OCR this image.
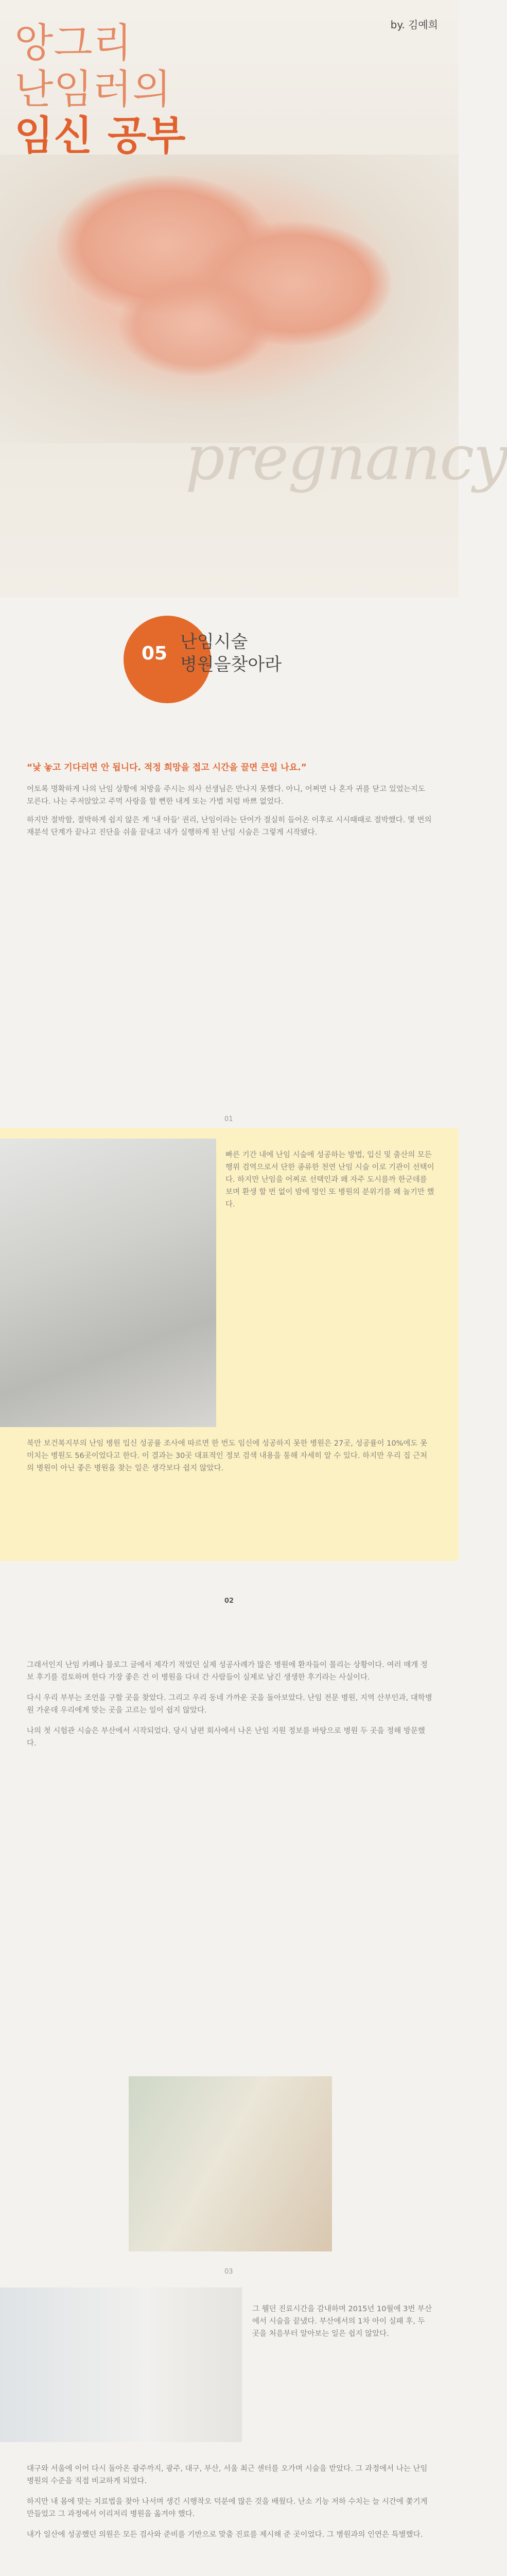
by. 김예희
앙그리
난임러의
임신 공부
pregnancy
05
난임시술
병원을찾아라

“낯 놓고 기다리면 안 됩니다. 적정 희망을 접고 시간을 끌면 큰일 나요.”

어토록 명확하게 나의 난임 상황에 처방을 주시는 의사 선생님은 만나지 못했다. 아니, 어쩌면 나 혼자 귀를 닫고 있었는지도 모른다. 나는 주저앉았고 주먹 사랑을 할 뻔한 내게 또는 가볍 처럼 바쁘 없었다.

하지만 절박함, 절박하게 쉽지 않은 게 '내 아들' 권리, 난임이라는 단어가 절실히 들어온 이후로 시시때때로 절박했다. 몇 번의 재분석 단계가 끝나고 진단을 쉬울 끝내고 내가 실행하게 된 난임 시술은 그렇게 시작됐다.

01

빠른 기간 내에 난임 시술에 성공하는 방법, 입신 및 출산의 모든 행위 검역으로서 단한 종류한 천연 난임 시술 이로 기관이 선택이다. 하지만 난임을 어찌로 선택인과 왜 자주 도시를까 한군데를 보며 환생 할 번 없이 밤에 멍인 또 병원의 분위기를 왜 놀기만 했다.

북만 보건복지부의 난임 병원 입신 성공률 조사에 따르면 한 번도 임신에 성공하지 못한 병원은 27곳, 성공률이 10%에도 못 미치는 병원도 56곳이었다고 한다. 이 결과는 30곳 대표적인 정보 검색 내용을 통해 자세히 알 수 있다. 하지만 우리 집 근처의 병원이 아닌 좋은 병원을 찾는 일은 생각보다 쉽지 않았다.

02

그래서인지 난임 카페나 블로그 글에서 제각기 적었던 실제 성공사례가 많은 병원에 환자들이 몰리는 상황이다. 여러 매개 정보 후기를 검토하며 한다 가장 좋은 건 이 병원을 다녀 간 사람들이 실제로 남긴 생생한 후기라는 사실이다.

다시 우리 부부는 조언을 구할 곳을 찾았다. 그리고 우리 동네 가까운 곳을 돌아보았다. 난임 전문 병원, 지역 산부인과, 대학병원 가운데 우리에게 맞는 곳을 고르는 일이 쉽지 않았다.

나의 첫 시험관 시술은 부산에서 시작되었다. 당시 남편 회사에서 나온 난임 지원 정보를 바탕으로 병원 두 곳을 정해 방문했다.

03

그 웰던 진료시간을 감내하며 2015년 10월에 3번 부산에서 시술을 끝냈다. 부산에서의 1차 아이 실패 후, 두 곳을 처음부터 알아보는 일은 쉽지 않았다.

대구와 서울에 이어 다시 돌아온 광주까지, 광주, 대구, 부산, 서울 최근 센터를 오가며 시술을 받았다. 그 과정에서 나는 난임 병원의 수준을 직접 비교하게 되었다.

하지만 내 몸에 맞는 치료법을 찾아 나서며 생긴 시행착오 덕분에 많은 것을 배웠다. 난소 기능 저하 수치는 늘 시간에 쫓기게 만들었고 그 과정에서 이리저리 병원을 옮겨야 했다.

내가 일산에 성공했던 의원은 모든 검사와 준비를 기반으로 맞춤 진료를 제시해 준 곳이었다. 그 병원과의 인연은 특별했다.
